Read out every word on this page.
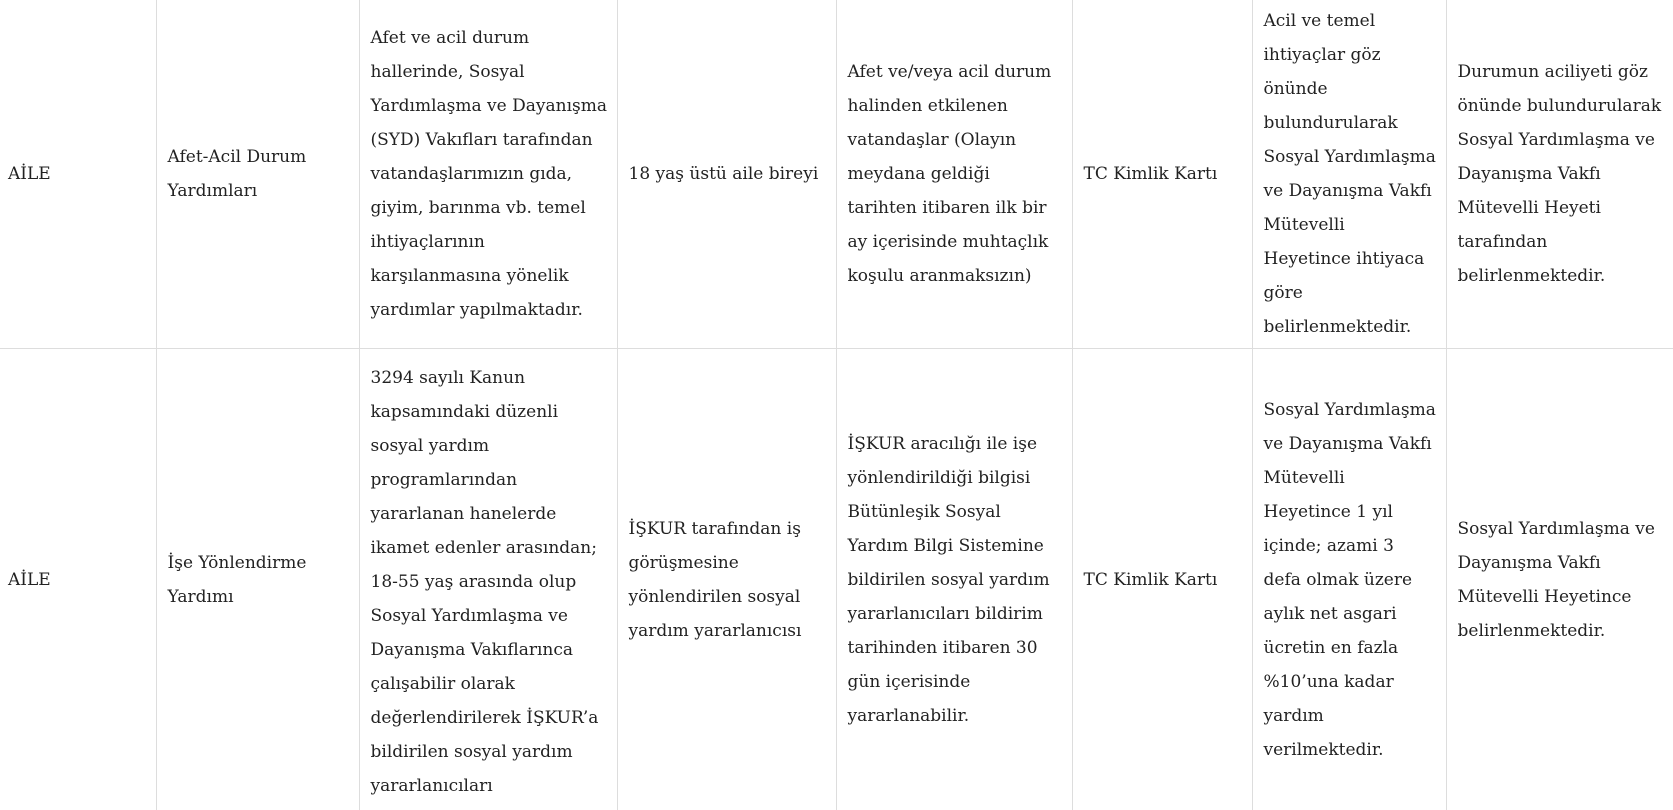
AİLE	Afet-Acil Durum Yardımları	Afet ve acil durum hallerinde, Sosyal Yardımlaşma ve Dayanışma (SYD) Vakıfları tarafından vatandaşlarımızın gıda, giyim, barınma vb. temel ihtiyaçlarının karşılanmasına yönelik yardımlar yapılmaktadır.	18 yaş üstü aile bireyi	Afet ve/veya acil durum halinden etkilenen vatandaşlar (Olayın meydana geldiği tarihten itibaren ilk bir ay içerisinde muhtaçlık koşulu aranmaksızın)	TC Kimlik Kartı	Acil ve temel ihtiyaçlar göz önünde bulundurularak Sosyal Yardımlaşma ve Dayanışma Vakfı Mütevelli Heyetince ihtiyaca göre belirlenmektedir.	Durumun aciliyeti göz önünde bulundurularak Sosyal Yardımlaşma ve Dayanışma Vakfı Mütevelli Heyeti tarafından belirlenmektedir.
AİLE	İşe Yönlendirme Yardımı	3294 sayılı Kanun kapsamındaki düzenli sosyal yardım programlarından yararlanan hanelerde ikamet edenler arasından; 18-55 yaş arasında olup Sosyal Yardımlaşma ve Dayanışma Vakıflarınca çalışabilir olarak değerlendirilerek İŞKUR’a bildirilen sosyal yardım yararlanıcıları	İŞKUR tarafından iş görüşmesine yönlendirilen sosyal yardım yararlanıcısı	İŞKUR aracılığı ile işe yönlendirildiği bilgisi Bütünleşik Sosyal Yardım Bilgi Sistemine bildirilen sosyal yardım yararlanıcıları bildirim tarihinden itibaren 30 gün içerisinde yararlanabilir.	TC Kimlik Kartı	Sosyal Yardımlaşma ve Dayanışma Vakfı Mütevelli Heyetince 1 yıl içinde; azami 3 defa olmak üzere aylık net asgari ücretin en fazla %10’una kadar yardım verilmektedir.	Sosyal Yardımlaşma ve Dayanışma Vakfı Mütevelli Heyetince belirlenmektedir.
